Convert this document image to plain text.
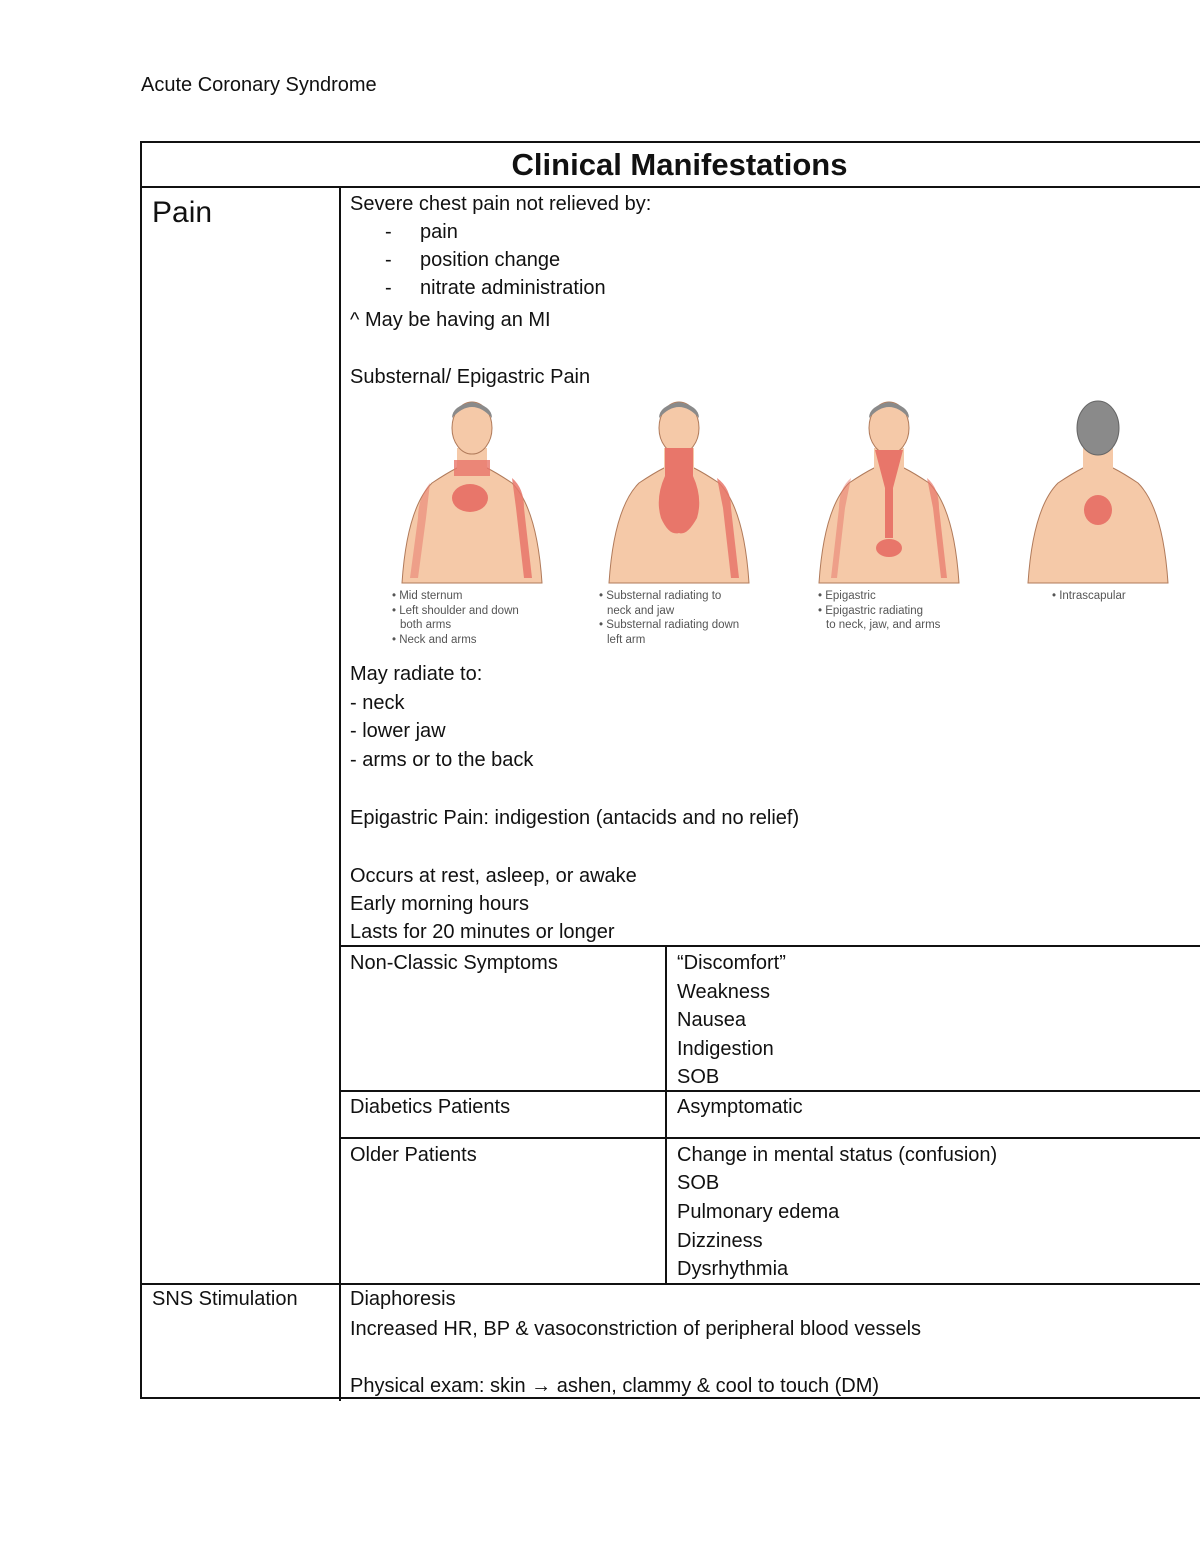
Acute Coronary Syndrome
Clinical Manifestations
Pain	Severe chest pain not relieved by:
- pain
- position change
- nitrate administration
^ May be having an MI
Substernal/ Epigastric Pain
• Mid sternum
• Left shoulder and down
both arms
• Neck and arms
• Substernal radiating to
neck and jaw
• Substernal radiating down
left arm
• Epigastric
• Epigastric radiating
to neck, jaw, and arms
• Intrascapular
May radiate to:
- neck
- lower jaw
- arms or to the back
Epigastric Pain: indigestion (antacids and no relief)
Occurs at rest, asleep, or awake
Early morning hours
Lasts for 20 minutes or longer
Non-Classic Symptoms	“Discomfort”
Weakness
Nausea
Indigestion
SOB
Diabetics Patients	Asymptomatic
Older Patients	Change in mental status (confusion)
SOB
Pulmonary edema
Dizziness
Dysrhythmia
SNS Stimulation	Diaphoresis
Increased HR, BP & vasoconstriction of peripheral blood vessels
Physical exam: skin → ashen, clammy & cool to touch (DM)
